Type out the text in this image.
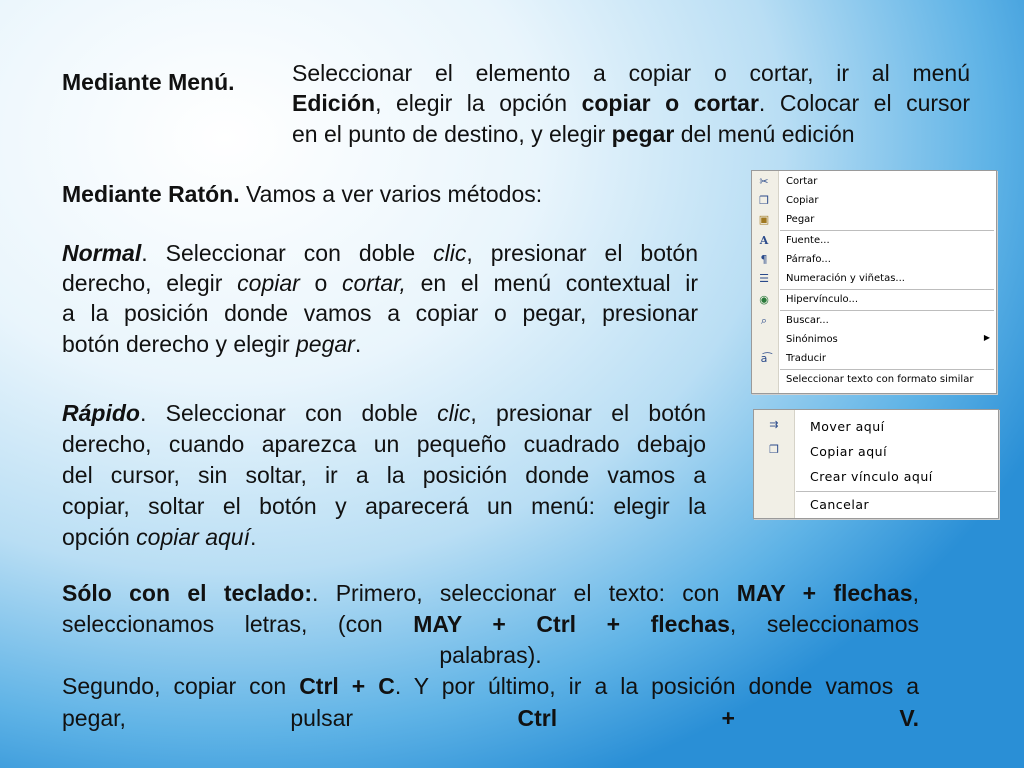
Mediante Menú. Seleccionar el elemento a copiar o cortar, ir al menú
Edición, elegir la opción copiar o cortar. Colocar el cursor
en el punto de destino, y elegir pegar del menú edición
Mediante Ratón. Vamos a ver varios métodos:
Normal. Seleccionar con doble clic, presionar el botón
derecho, elegir copiar o cortar, en el menú contextual ir
a la posición donde vamos a copiar o pegar, presionar
botón derecho y elegir pegar.
Rápido. Seleccionar con doble clic, presionar el botón
derecho, cuando aparezca un pequeño cuadrado debajo
del cursor, sin soltar, ir a la posición donde vamos a
copiar, soltar el botón y aparecerá un menú: elegir la
opción copiar aquí.
Sólo con el teclado:. Primero, seleccionar el texto: con MAY + flechas,
seleccionamos letras, (con MAY + Ctrl + flechas, seleccionamos
palabras).
Segundo, copiar con Ctrl + C. Y por último, ir a la posición donde vamos a
pegar,	pulsar	Ctrl	+	V.
✂	Cortar
❐	Copiar
▣ Pegar
A	Fuente...
¶	Párrafo...
☰	Numeración y viñetas...
◉	Hipervínculo...
⌕	Buscar...
Sinónimos	▶
a͡	Traducir
Seleccionar texto con formato similar
⇉	Mover aquí
❐	Copiar aquí
Crear vínculo aquí
Cancelar
